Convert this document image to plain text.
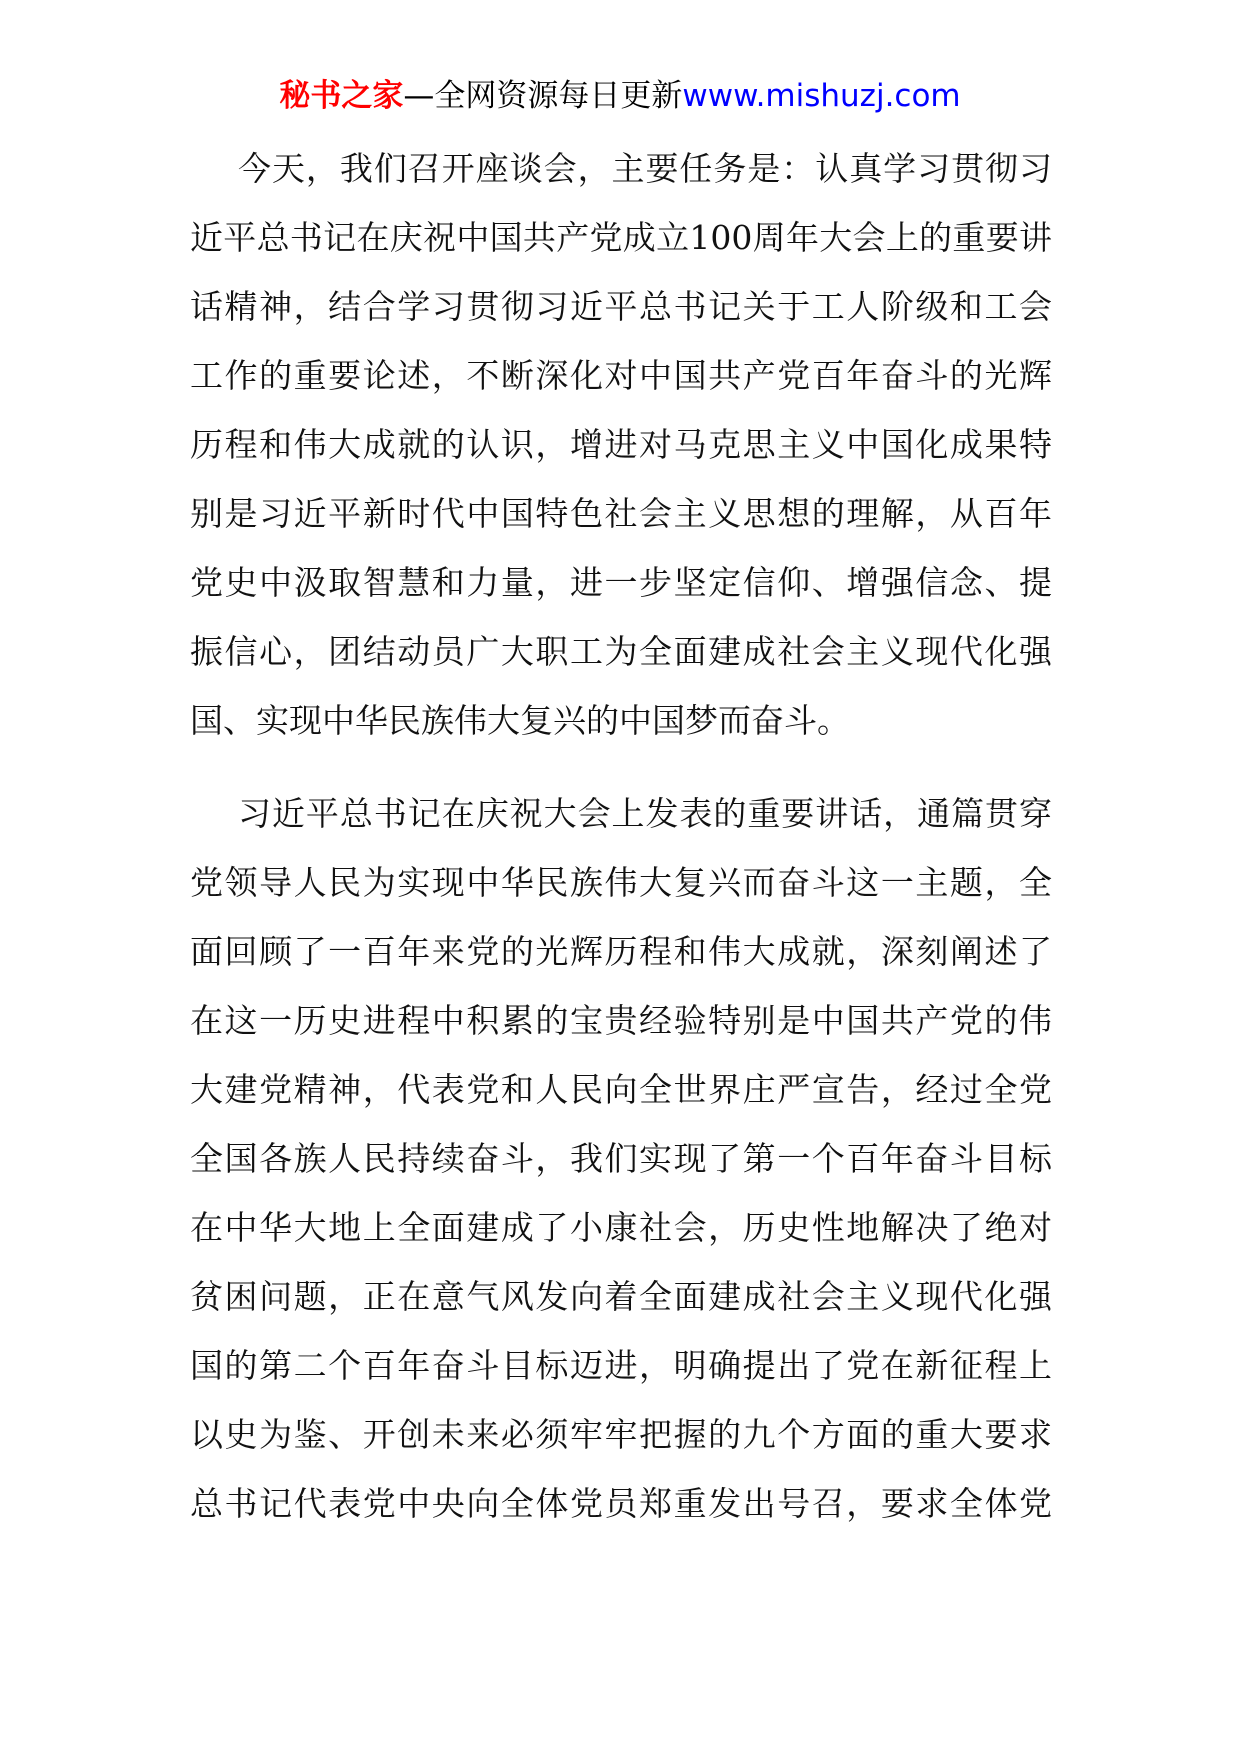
秘书之家—全网资源每日更新www.mishuzj.com
今天，我们召开座谈会，主要任务是：认真学习贯彻习
近平总书记在庆祝中国共产党成立100周年大会上的重要讲
话精神，结合学习贯彻习近平总书记关于工人阶级和工会
工作的重要论述，不断深化对中国共产党百年奋斗的光辉
历程和伟大成就的认识，增进对马克思主义中国化成果特
别是习近平新时代中国特色社会主义思想的理解，从百年
党史中汲取智慧和力量，进一步坚定信仰、增强信念、提
振信心，团结动员广大职工为全面建成社会主义现代化强
国、实现中华民族伟大复兴的中国梦而奋斗。
习近平总书记在庆祝大会上发表的重要讲话，通篇贯穿
党领导人民为实现中华民族伟大复兴而奋斗这一主题，全
面回顾了一百年来党的光辉历程和伟大成就，深刻阐述了
在这一历史进程中积累的宝贵经验特别是中国共产党的伟
大建党精神，代表党和人民向全世界庄严宣告，经过全党
全国各族人民持续奋斗，我们实现了第一个百年奋斗目标
在中华大地上全面建成了小康社会，历史性地解决了绝对
贫困问题，正在意气风发向着全面建成社会主义现代化强
国的第二个百年奋斗目标迈进，明确提出了党在新征程上
以史为鉴、开创未来必须牢牢把握的九个方面的重大要求
总书记代表党中央向全体党员郑重发出号召，要求全体党
